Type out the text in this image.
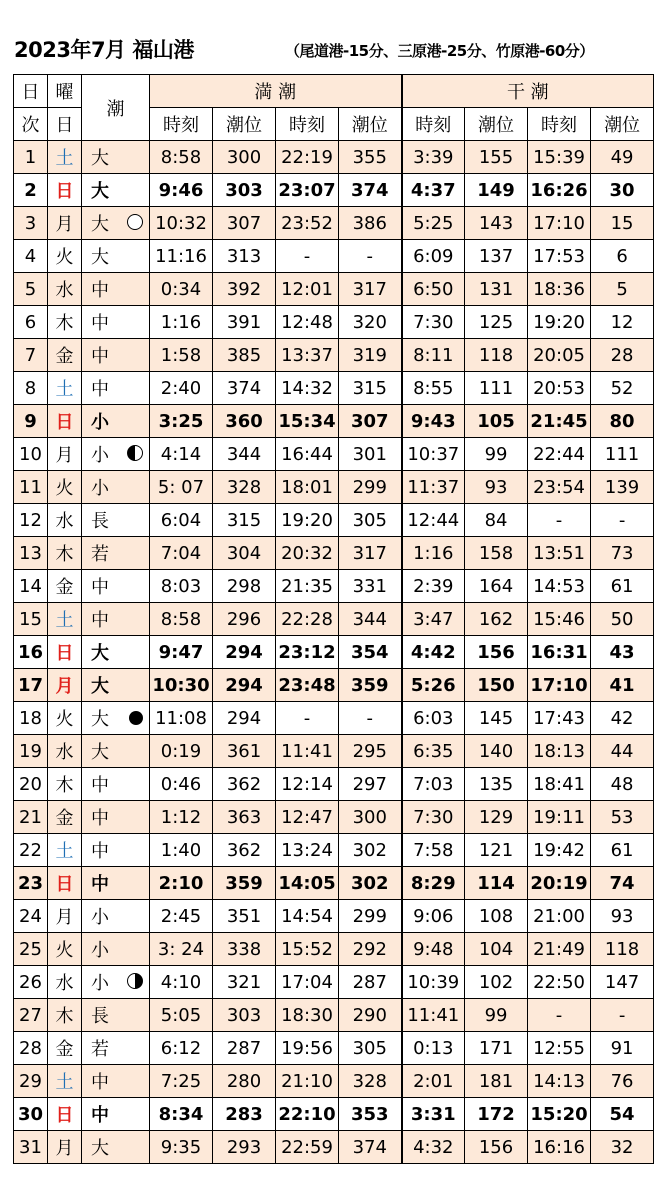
2023年7月 福山港	（尾道港-15分、三原港-25分、竹原港-60分）
日	曜	潮	満 潮				干 潮			
次	日		時刻	潮位	時刻	潮位	時刻	潮位	時刻	潮位
1	土	大	8:58	300	22:19	355	3:39	155	15:39	49
2	日	大	9:46	303	23:07	374	4:37	149	16:26	30
3	月	大	10:32	307	23:52	386	5:25	143	17:10	15
4	火	大	11:16	313	-	-	6:09	137	17:53	6
5	水	中	0:34	392	12:01	317	6:50	131	18:36	5
6	木	中	1:16	391	12:48	320	7:30	125	19:20	12
7	金	中	1:58	385	13:37	319	8:11	118	20:05	28
8	土	中	2:40	374	14:32	315	8:55	111	20:53	52
9	日	小	3:25	360	15:34	307	9:43	105	21:45	80
10	月	小	4:14	344	16:44	301	10:37	99	22:44	111
11	火	小	5: 07	328	18:01	299	11:37	93	23:54	139
12	水	長	6:04	315	19:20	305	12:44	84	-	-
13	木	若	7:04	304	20:32	317	1:16	158	13:51	73
14	金	中	8:03	298	21:35	331	2:39	164	14:53	61
15	土	中	8:58	296	22:28	344	3:47	162	15:46	50
16	日	大	9:47	294	23:12	354	4:42	156	16:31	43
17	月	大	10:30	294	23:48	359	5:26	150	17:10	41
18	火	大	11:08	294	-	-	6:03	145	17:43	42
19	水	大	0:19	361	11:41	295	6:35	140	18:13	44
20	木	中	0:46	362	12:14	297	7:03	135	18:41	48
21	金	中	1:12	363	12:47	300	7:30	129	19:11	53
22	土	中	1:40	362	13:24	302	7:58	121	19:42	61
23	日	中	2:10	359	14:05	302	8:29	114	20:19	74
24	月	小	2:45	351	14:54	299	9:06	108	21:00	93
25	火	小	3: 24	338	15:52	292	9:48	104	21:49	118
26	水	小	4:10	321	17:04	287	10:39	102	22:50	147
27	木	長	5:05	303	18:30	290	11:41	99	-	-
28	金	若	6:12	287	19:56	305	0:13	171	12:55	91
29	土	中	7:25	280	21:10	328	2:01	181	14:13	76
30	日	中	8:34	283	22:10	353	3:31	172	15:20	54
31	月	大	9:35	293	22:59	374	4:32	156	16:16	32
